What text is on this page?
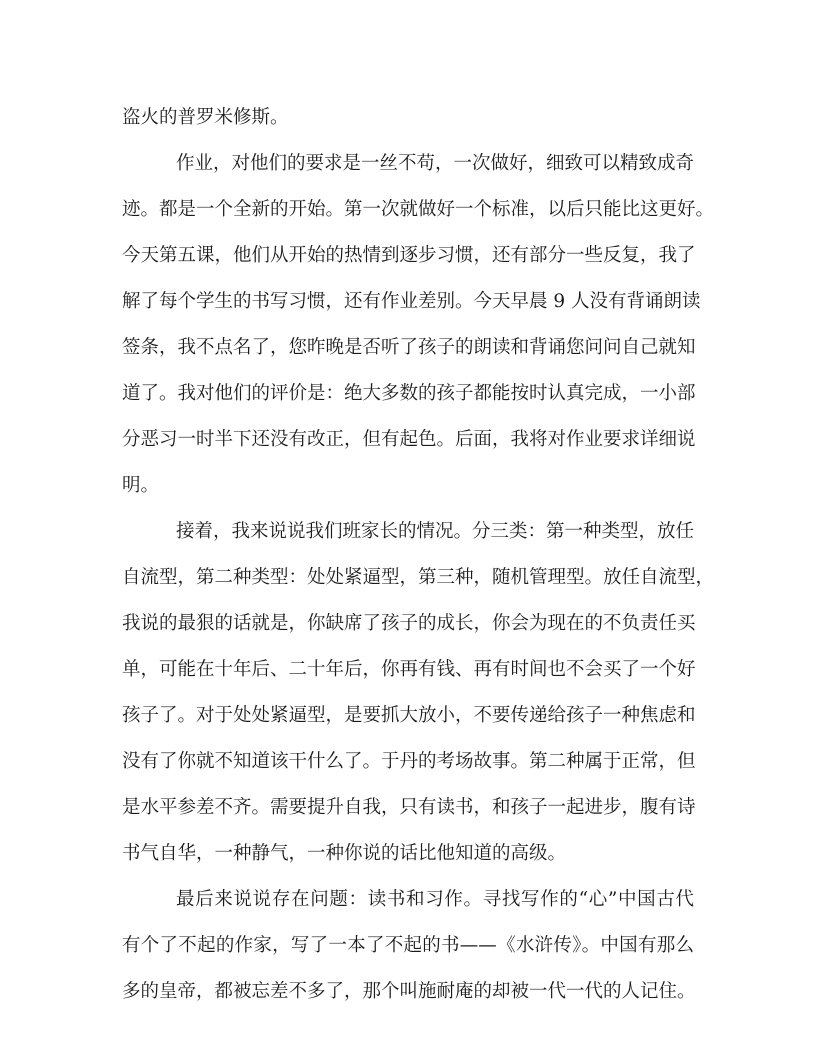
盗火的普罗米修斯。

作业，对他们的要求是一丝不苟，一次做好，细致可以精致成奇

迹。都是一个全新的开始。第一次就做好一个标准，以后只能比这更好。

今天第五课，他们从开始的热情到逐步习惯，还有部分一些反复，我了

解了每个学生的书写习惯，还有作业差别。今天早晨 9 人没有背诵朗读

签条，我不点名了，您昨晚是否听了孩子的朗读和背诵您问问自己就知

道了。我对他们的评价是：绝大多数的孩子都能按时认真完成，一小部

分恶习一时半下还没有改正，但有起色。后面，我将对作业要求详细说

明。

接着，我来说说我们班家长的情况。分三类：第一种类型，放任

自流型，第二种类型：处处紧逼型，第三种，随机管理型。放任自流型，

我说的最狠的话就是，你缺席了孩子的成长，你会为现在的不负责任买

单，可能在十年后、二十年后，你再有钱、再有时间也不会买了一个好

孩子了。对于处处紧逼型，是要抓大放小，不要传递给孩子一种焦虑和

没有了你就不知道该干什么了。于丹的考场故事。第二种属于正常，但

是水平参差不齐。需要提升自我，只有读书，和孩子一起进步，腹有诗

书气自华，一种静气，一种你说的话比他知道的高级。

最后来说说存在问题：读书和习作。寻找写作的“心”中国古代

有个了不起的作家，写了一本了不起的书——《水浒传》。中国有那么

多的皇帝，都被忘差不多了，那个叫施耐庵的却被一代一代的人记住。
